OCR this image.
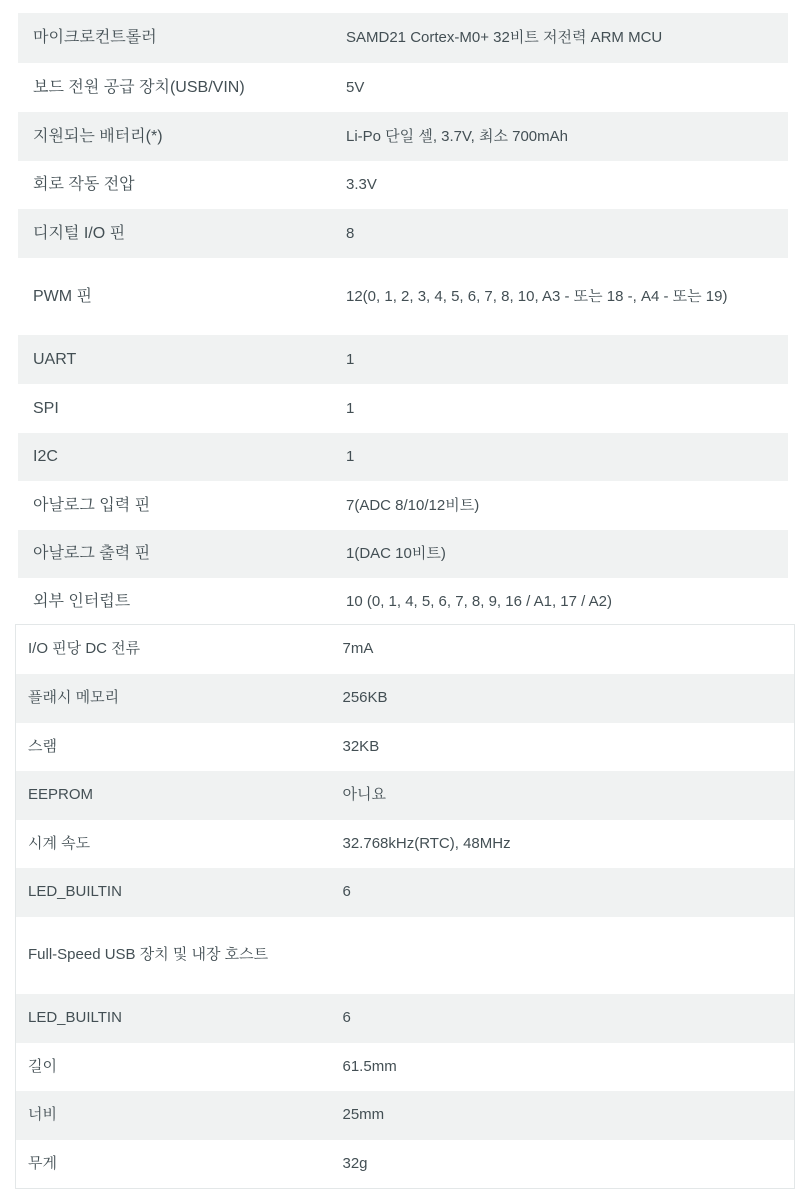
마이크로컨트롤러	SAMD21 Cortex-M0+ 32비트 저전력 ARM MCU
보드 전원 공급 장치(USB/VIN)	5V
지원되는 배터리(*)	Li-Po 단일 셀, 3.7V, 최소 700mAh
회로 작동 전압	3.3V
디지털 I/O 핀	8
PWM 핀	12(0, 1, 2, 3, 4, 5, 6, 7, 8, 10, A3 - 또는 18 -, A4 - 또는 19)
UART	1
SPI	1
I2C	1
아날로그 입력 핀	7(ADC 8/10/12비트)
아날로그 출력 핀	1(DAC 10비트)
외부 인터럽트	10 (0, 1, 4, 5, 6, 7, 8, 9, 16 / A1, 17 / A2)
I/O 핀당 DC 전류	7mA
플래시 메모리	256KB
스램	32KB
EEPROM	아니요
시계 속도	32.768kHz(RTC), 48MHz
LED_BUILTIN	6
Full-Speed USB 장치 및 내장 호스트	
LED_BUILTIN	6
길이	61.5mm
너비	25mm
무게	32g
